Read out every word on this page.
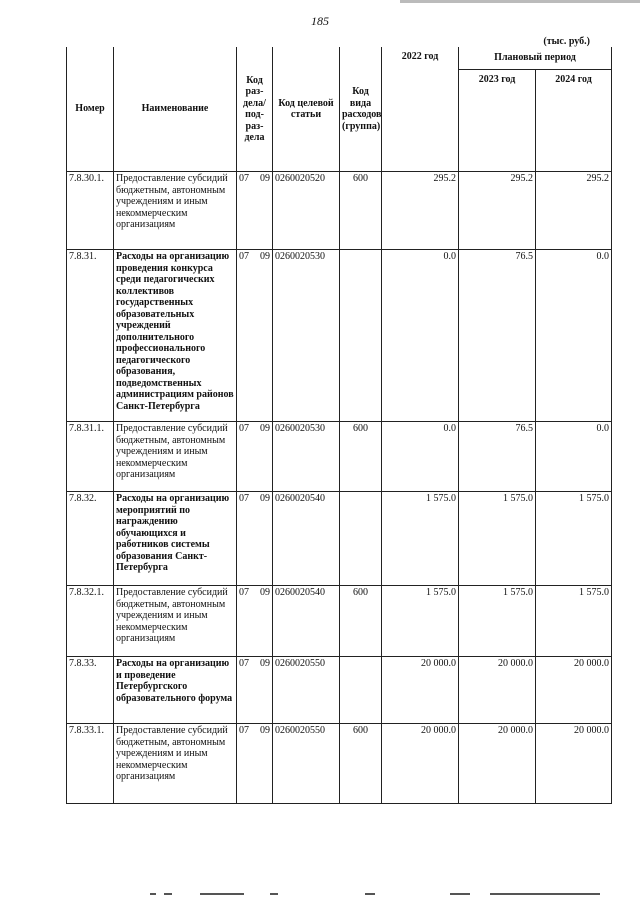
185
(тыс. руб.)
Номер	Наименование	Код раз-дела/ под-раз-дела	Код целевой статьи	Код вида расходов (группа)	2022 год	Плановый период	
						2023 год	2024 год
7.8.30.1.	Предоставление субсидий бюджетным, автономным учреждениям и иным некоммерческим организациям	07 09	0260020520	600	295.2	295.2	295.2
7.8.31.	Расходы на организацию проведения конкурса среди педагогических коллективов государственных образовательных учреждений дополнительного профессионального педагогического образования, подведомственных администрациям районов Санкт-Петербурга	07 09	0260020530		0.0	76.5	0.0
7.8.31.1.	Предоставление субсидий бюджетным, автономным учреждениям и иным некоммерческим организациям	07 09	0260020530	600	0.0	76.5	0.0
7.8.32.	Расходы на организацию мероприятий по награждению обучающихся и работников системы образования Санкт-Петербурга	07 09	0260020540		1 575.0	1 575.0	1 575.0
7.8.32.1.	Предоставление субсидий бюджетным, автономным учреждениям и иным некоммерческим организациям	07 09	0260020540	600	1 575.0	1 575.0	1 575.0
7.8.33.	Расходы на организацию и проведение Петербургского образовательного форума	07 09	0260020550		20 000.0	20 000.0	20 000.0
7.8.33.1.	Предоставление субсидий бюджетным, автономным учреждениям и иным некоммерческим организациям	07 09	0260020550	600	20 000.0	20 000.0	20 000.0
